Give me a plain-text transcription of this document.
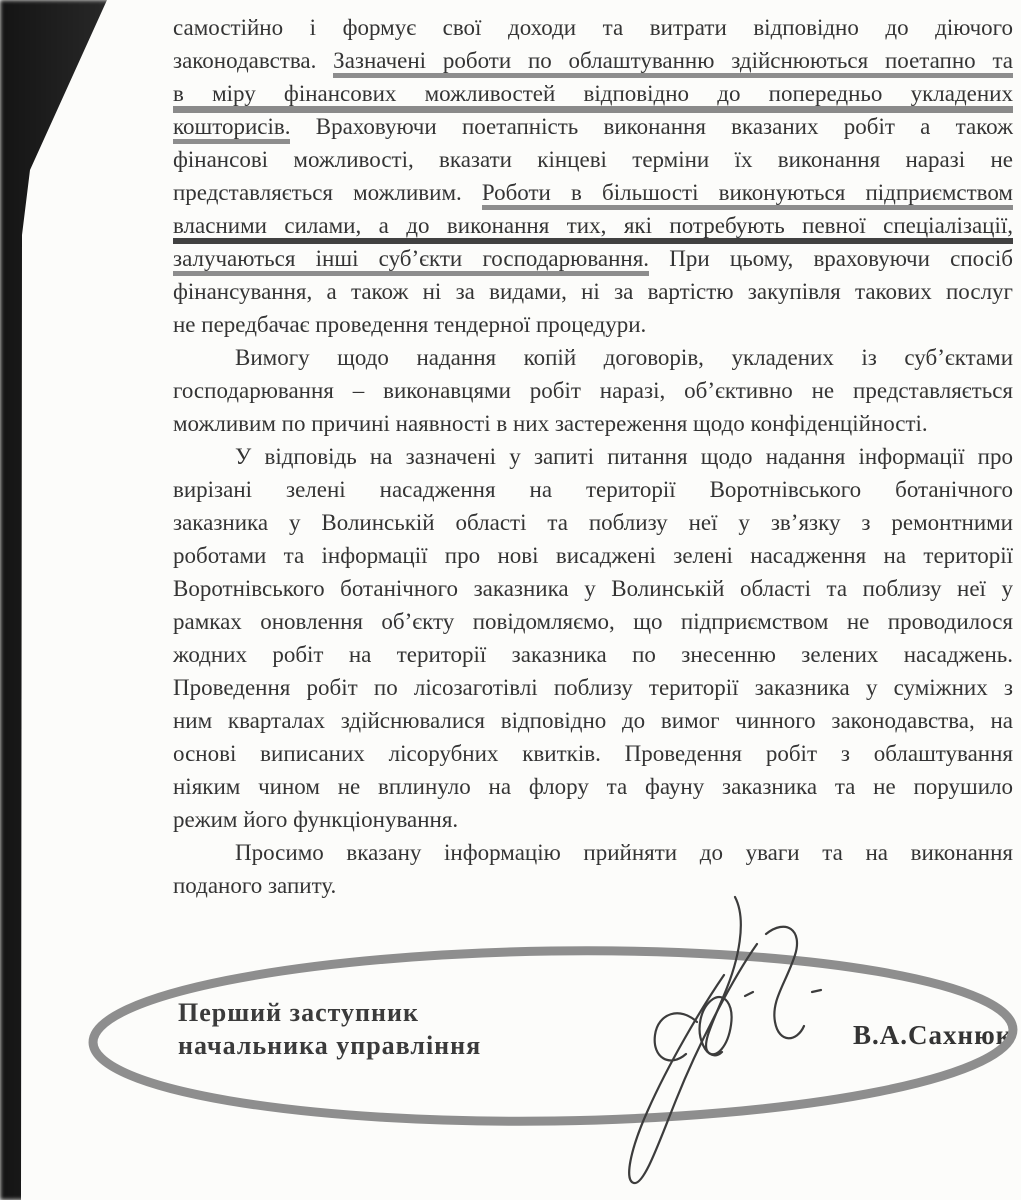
самостійно і формує свої доходи та витрати відповідно до діючого
законодавства. Зазначені роботи по облаштуванню здійснюються поетапно та
в міру фінансових можливостей відповідно до попередньо укладених
кошторисів. Враховуючи поетапність виконання вказаних робіт а також
фінансові можливості, вказати кінцеві терміни їх виконання наразі не
представляється можливим. Роботи в більшості виконуються підприємством
власними силами, а до виконання тих, які потребують певної спеціалізації,
залучаються інші суб’єкти господарювання. При цьому, враховуючи спосіб
фінансування, а також ні за видами, ні за вартістю закупівля такових послуг
не передбачає проведення тендерної процедури.
Вимогу щодо надання копій договорів, укладених із суб’єктами
господарювання – виконавцями робіт наразі, об’єктивно не представляється
можливим по причині наявності в них застереження щодо конфіденційності.
У відповідь на зазначені у запиті питання щодо надання інформації про
вирізані зелені насадження на території Воротнівського ботанічного
заказника у Волинській області та поблизу неї у зв’язку з ремонтними
роботами та інформації про нові висаджені зелені насадження на території
Воротнівського ботанічного заказника у Волинській області та поблизу неї у
рамках оновлення об’єкту повідомляємо, що підприємством не проводилося
жодних робіт на території заказника по знесенню зелених насаджень.
Проведення робіт по лісозаготівлі поблизу території заказника у суміжних з
ним кварталах здійснювалися відповідно до вимог чинного законодавства, на
основі виписаних лісорубних квитків. Проведення робіт з облаштування
ніяким чином не вплинуло на флору та фауну заказника та не порушило
режим його функціонування.
Просимо вказану інформацію прийняти до уваги та на виконання
поданого запиту.
Перший заступник
начальника управління	В.А.Сахнюк
